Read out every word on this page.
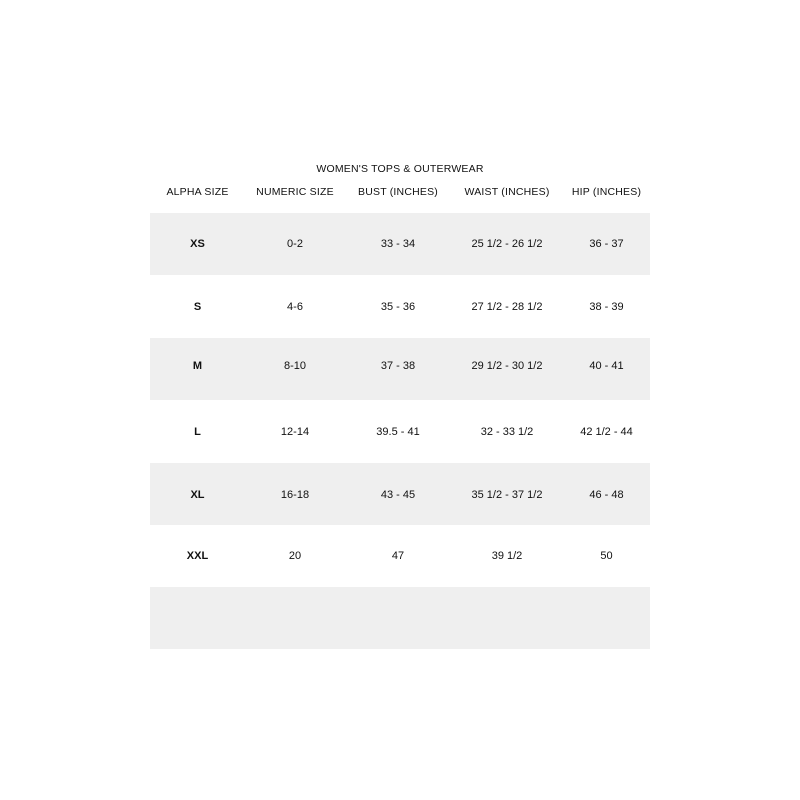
WOMEN'S TOPS & OUTERWEAR
ALPHA SIZE	NUMERIC SIZE	BUST (INCHES)	WAIST (INCHES)	HIP (INCHES)
XS	0-2	33 - 34	25 1/2 - 26 1/2	36 - 37
S	4-6	35 - 36	27 1/2 - 28 1/2	38 - 39
M	8-10	37 - 38	29 1/2 - 30 1/2	40 - 41
L	12-14	39.5 - 41	32 - 33 1/2	42 1/2 - 44
XL	16-18	43 - 45	35 1/2 - 37 1/2	46 - 48
XXL	20	47	39 1/2	50
